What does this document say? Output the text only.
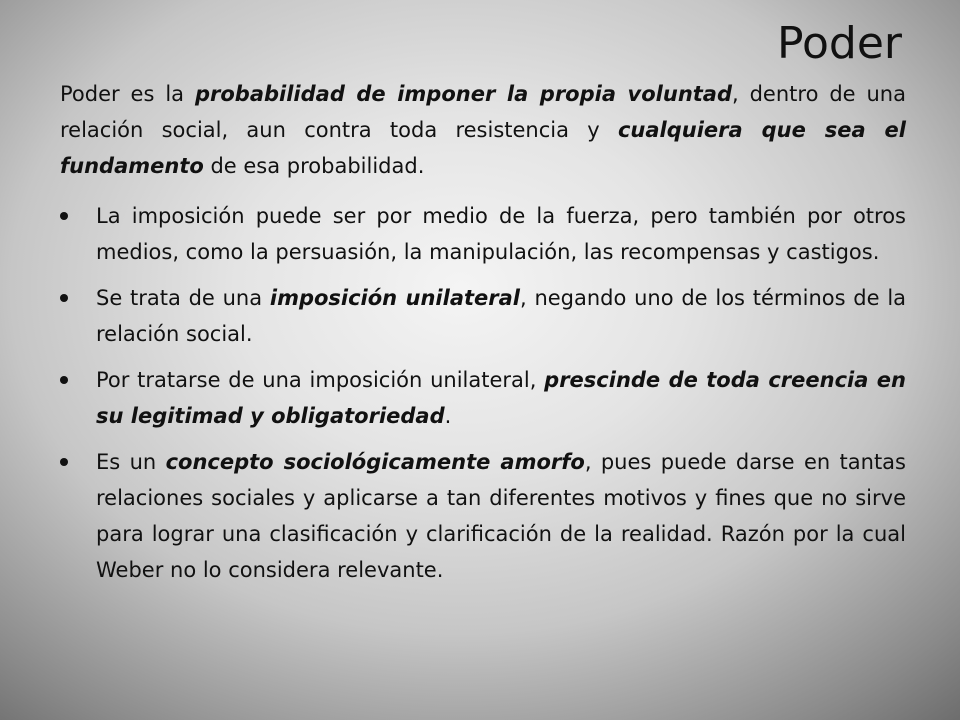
Poder

Poder es la probabilidad de imponer la propia voluntad, dentro de una relación social, aun contra toda resistencia y cualquiera que sea el fundamento de esa probabilidad.

La imposición puede ser por medio de la fuerza, pero también por otros medios, como la persuasión, la manipulación, las recompensas y castigos.
Se trata de una imposición unilateral, negando uno de los términos de la relación social.
Por tratarse de una imposición unilateral, prescinde de toda creencia en su legitimad y obligatoriedad.
Es un concepto sociológicamente amorfo, pues puede darse en tantas relaciones sociales y aplicarse a tan diferentes motivos y fines que no sirve para lograr una clasificación y clarificación de la realidad. Razón por la cual Weber no lo considera relevante.
